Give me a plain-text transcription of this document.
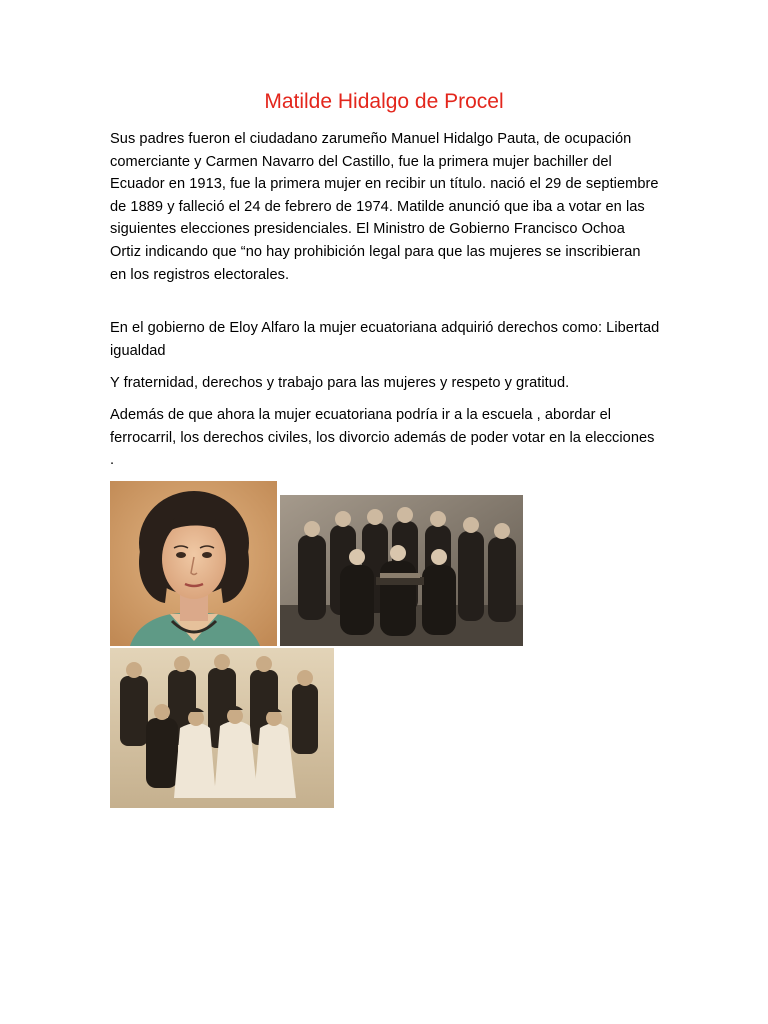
Matilde Hidalgo de Procel

Sus padres fueron el ciudadano zarumeño Manuel Hidalgo Pauta, de ocupación comerciante y Carmen Navarro del Castillo, fue la primera mujer bachiller del Ecuador en 1913, fue la primera mujer en recibir un título. nació el 29 de septiembre de 1889 y falleció el 24 de febrero de 1974. Matilde anunció que iba a votar en las siguientes elecciones presidenciales. El Ministro de Gobierno Francisco Ochoa Ortiz indicando que “no hay prohibición legal para que las mujeres se inscribieran en los registros electorales.

En el gobierno de Eloy Alfaro la mujer ecuatoriana adquirió derechos como: Libertad igualdad

Y fraternidad, derechos y trabajo para las mujeres y respeto y gratitud.

Además de que ahora la mujer ecuatoriana podría ir a la escuela , abordar el ferrocarril, los derechos civiles, los divorcio además de poder votar en la elecciones .
